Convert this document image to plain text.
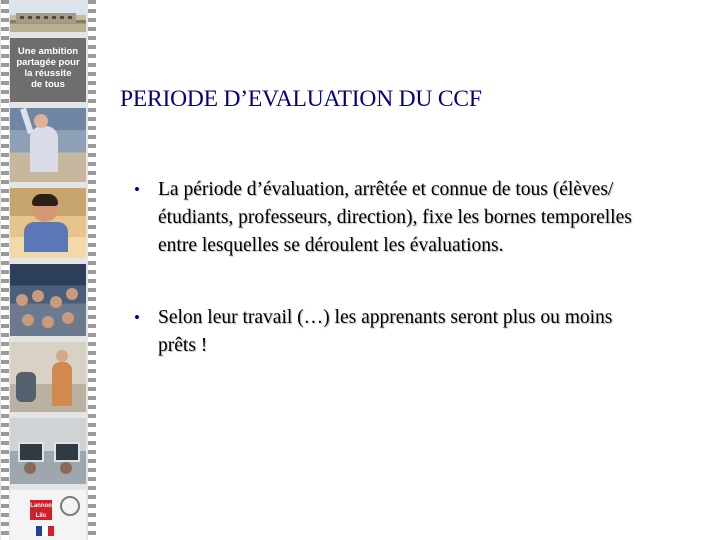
Une ambition
partagée pour
la réussite
de tous
Lannoo
Lilo
PERIODE D’EVALUATION DU CCF
• La période d’évaluation, arrêtée et connue de tous (élèves/étudiants, professeurs, direction), fixe les bornes temporelles entre lesquelles se déroulent les évaluations.
• Selon leur travail (…) les apprenants seront plus ou moins prêts !
